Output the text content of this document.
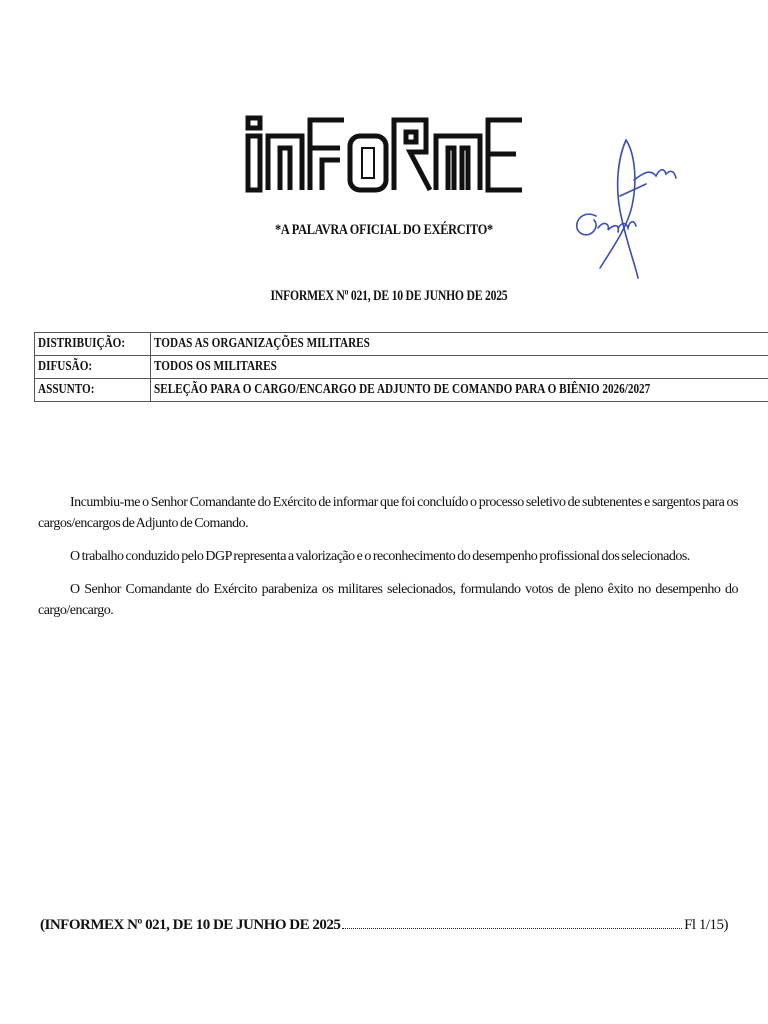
*A PALAVRA OFICIAL DO EXÉRCITO*
INFORMEX Nº 021, DE 10 DE JUNHO DE 2025
DISTRIBUIÇÃO:	TODAS AS ORGANIZAÇÕES MILITARES
DIFUSÃO:	TODOS OS MILITARES
ASSUNTO:	SELEÇÃO PARA O CARGO/ENCARGO DE ADJUNTO DE COMANDO PARA O BIÊNIO 2026/2027

Incumbiu-me o Senhor Comandante do Exército de informar que foi concluído o processo seletivo de subtenentes e sargentos para os cargos/encargos de Adjunto de Comando.

O trabalho conduzido pelo DGP representa a valorização e o reconhecimento do desempenho profissional dos selecionados.

O Senhor Comandante do Exército parabeniza os militares selecionados, formulando votos de pleno êxito no desempenho do cargo/encargo.

(INFORMEX Nº 021, DE 10 DE JUNHO DE 2025	Fl 1/15)
